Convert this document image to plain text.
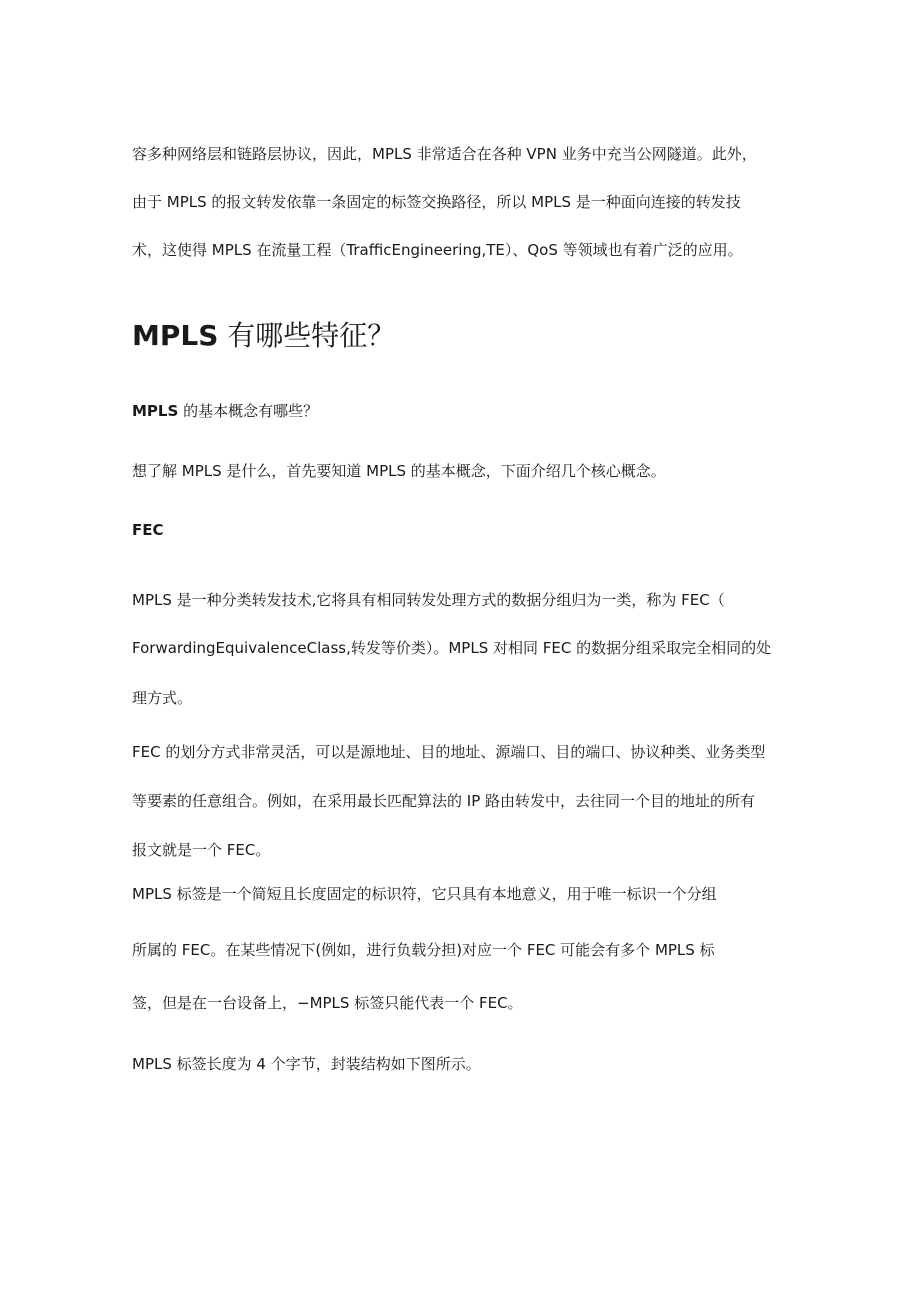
容多种网络层和链路层协议，因此，MPLS 非常适合在各种 VPN 业务中充当公网隧道。此外，
由于 MPLS 的报文转发依靠一条固定的标签交换路径，所以 MPLS 是一种面向连接的转发技
术，这使得 MPLS 在流量工程（TrafficEngineering,TE）、QoS 等领域也有着广泛的应用。
MPLS 有哪些特征？
MPLS 的基本概念有哪些？
想了解 MPLS 是什么，首先要知道 MPLS 的基本概念，下面介绍几个核心概念。
FEC
MPLS 是一种分类转发技术,它将具有相同转发处理方式的数据分组归为一类，称为 FEC（
ForwardingEquivalenceClass,转发等价类）。MPLS 对相同 FEC 的数据分组采取完全相同的处
理方式。
FEC 的划分方式非常灵活，可以是源地址、目的地址、源端口、目的端口、协议种类、业务类型
等要素的任意组合。例如，在采用最长匹配算法的 IP 路由转发中，去往同一个目的地址的所有
报文就是一个 FEC。
MPLS 标签是一个简短且长度固定的标识符，它只具有本地意义，用于唯一标识一个分组
所属的 FEC。在某些情况下(例如，进行负载分担)对应一个 FEC 可能会有多个 MPLS 标
签，但是在一台设备上，−MPLS 标签只能代表一个 FEC。
MPLS 标签长度为 4 个字节，封装结构如下图所示。
